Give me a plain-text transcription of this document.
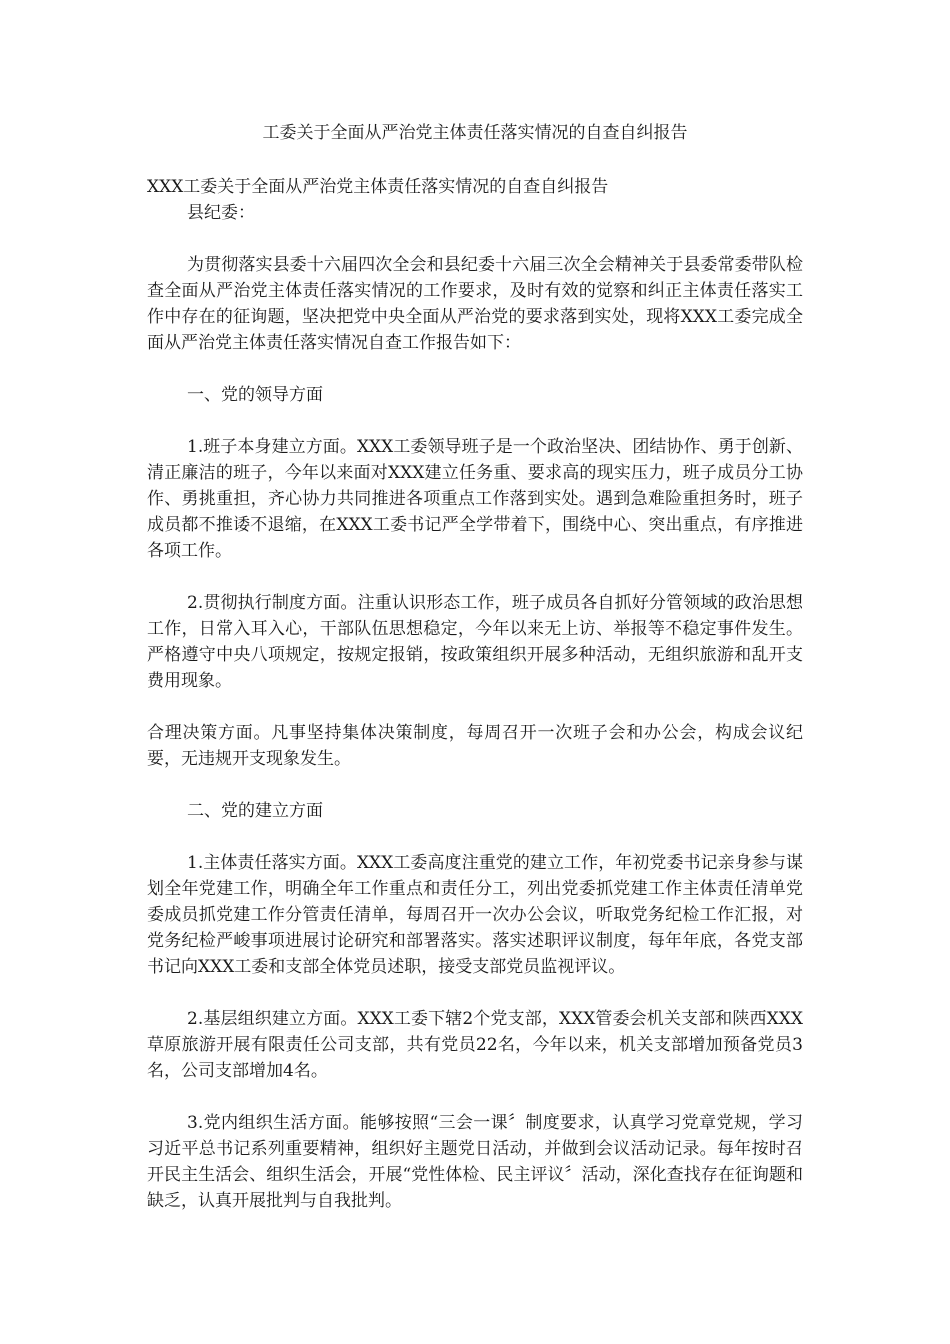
工委关于全面从严治党主体责任落实情况的自查自纠报告

XXX工委关于全面从严治党主体责任落实情况的自查自纠报告

县纪委：

为贯彻落实县委十六届四次全会和县纪委十六届三次全会精神关于县委常委带队检查全面从严治党主体责任落实情况的工作要求，及时有效的觉察和纠正主体责任落实工作中存在的征询题，坚决把党中央全面从严治党的要求落到实处，现将XXX工委完成全面从严治党主体责任落实情况自查工作报告如下：

一、党的领导方面

1.班子本身建立方面。XXX工委领导班子是一个政治坚决、团结协作、勇于创新、清正廉洁的班子，今年以来面对XXX建立任务重、要求高的现实压力，班子成员分工协作、勇挑重担，齐心协力共同推进各项重点工作落到实处。遇到急难险重担务时，班子成员都不推诿不退缩，在XXX工委书记严全学带着下，围绕中心、突出重点，有序推进各项工作。

2.贯彻执行制度方面。注重认识形态工作，班子成员各自抓好分管领域的政治思想工作，日常入耳入心，干部队伍思想稳定，今年以来无上访、举报等不稳定事件发生。严格遵守中央八项规定，按规定报销，按政策组织开展多种活动，无组织旅游和乱开支费用现象。

合理决策方面。凡事坚持集体决策制度，每周召开一次班子会和办公会，构成会议纪要，无违规开支现象发生。

二、党的建立方面

1.主体责任落实方面。XXX工委高度注重党的建立工作，年初党委书记亲身参与谋划全年党建工作，明确全年工作重点和责任分工，列出党委抓党建工作主体责任清单党委成员抓党建工作分管责任清单，每周召开一次办公会议，听取党务纪检工作汇报，对党务纪检严峻事项进展讨论研究和部署落实。落实述职评议制度，每年年底，各党支部书记向XXX工委和支部全体党员述职，接受支部党员监视评议。

2.基层组织建立方面。XXX工委下辖2个党支部，XXX管委会机关支部和陕西XXX草原旅游开展有限责任公司支部，共有党员22名，今年以来，机关支部增加预备党员3名，公司支部增加4名。

3.党内组织生活方面。能够按照“三会一课〞制度要求，认真学习党章党规，学习习近平总书记系列重要精神，组织好主题党日活动，并做到会议活动记录。每年按时召开民主生活会、组织生活会，开展“党性体检、民主评议〞活动，深化查找存在征询题和缺乏，认真开展批判与自我批判。
